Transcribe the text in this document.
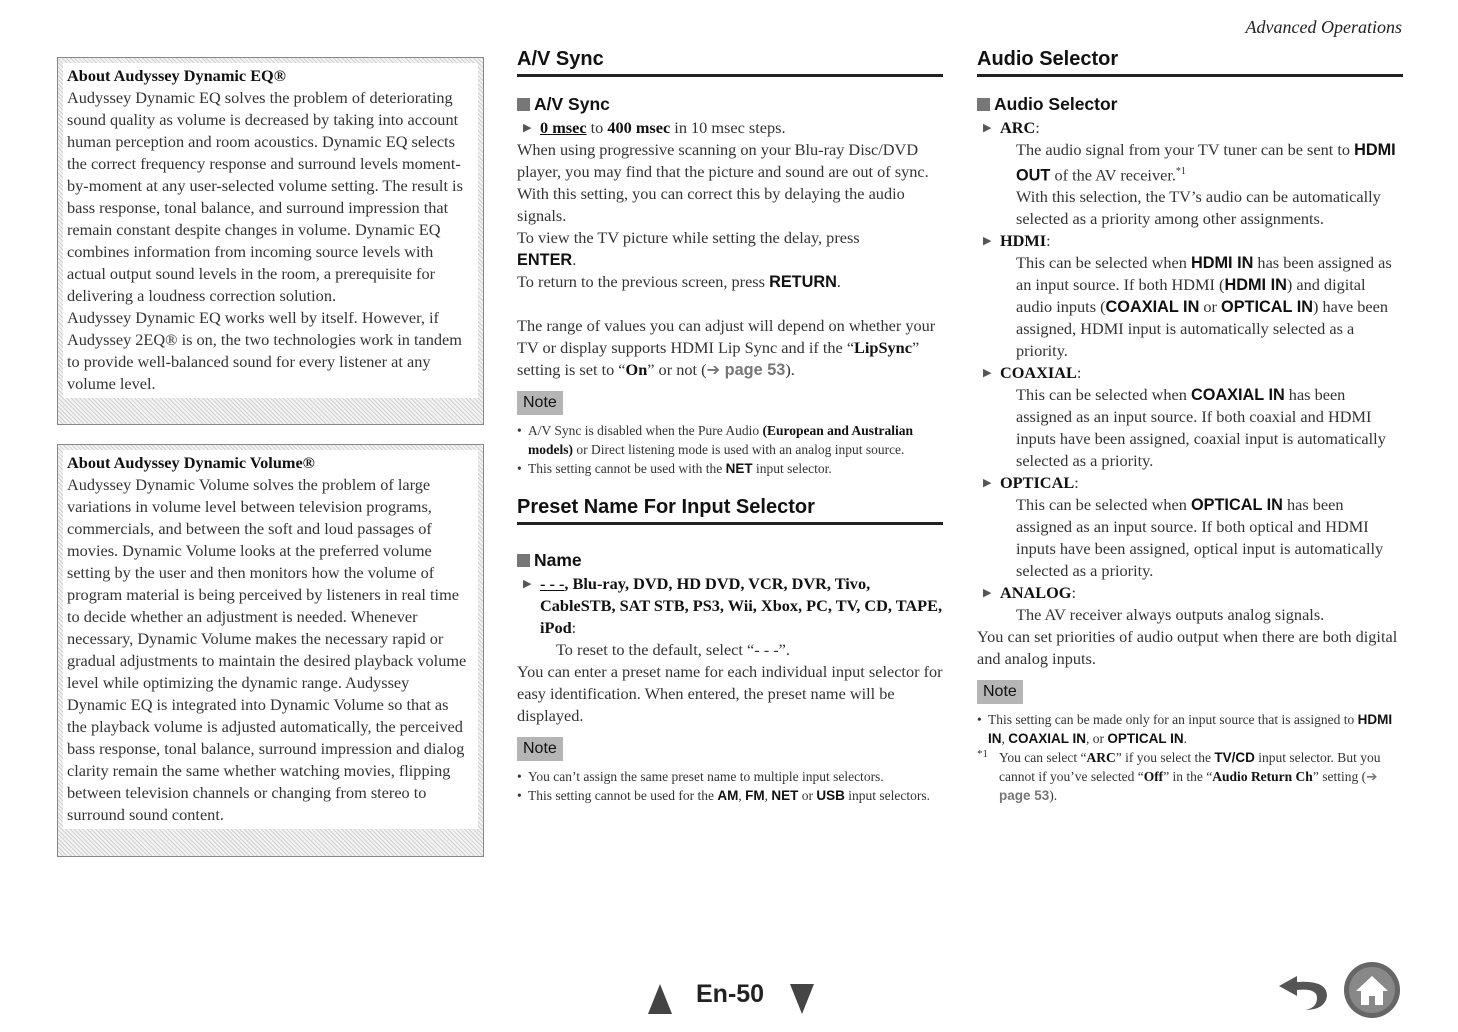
Advanced Operations
About Audyssey Dynamic EQ®
Audyssey Dynamic EQ solves the problem of deteriorating sound quality as volume is decreased by taking into account human perception and room acoustics. Dynamic EQ selects the correct frequency response and surround levels moment-by-moment at any user-selected volume setting. The result is bass response, tonal balance, and surround impression that remain constant despite changes in volume. Dynamic EQ combines information from incoming source levels with actual output sound levels in the room, a prerequisite for delivering a loudness correction solution.
Audyssey Dynamic EQ works well by itself. However, if Audyssey 2EQ® is on, the two technologies work in tandem to provide well-balanced sound for every listener at any volume level.
About Audyssey Dynamic Volume®
Audyssey Dynamic Volume solves the problem of large variations in volume level between television programs, commercials, and between the soft and loud passages of movies. Dynamic Volume looks at the preferred volume setting by the user and then monitors how the volume of program material is being perceived by listeners in real time to decide whether an adjustment is needed. Whenever necessary, Dynamic Volume makes the necessary rapid or gradual adjustments to maintain the desired playback volume level while optimizing the dynamic range. Audyssey Dynamic EQ is integrated into Dynamic Volume so that as the playback volume is adjusted automatically, the perceived bass response, tonal balance, surround impression and dialog clarity remain the same whether watching movies, flipping between television channels or changing from stereo to surround sound content.
A/V Sync
A/V Sync
▶ 0 msec to 400 msec in 10 msec steps.
When using progressive scanning on your Blu-ray Disc/DVD player, you may find that the picture and sound are out of sync. With this setting, you can correct this by delaying the audio signals.
To view the TV picture while setting the delay, press
ENTER.
To return to the previous screen, press RETURN.
The range of values you can adjust will depend on whether your TV or display supports HDMI Lip Sync and if the “LipSync” setting is set to “On” or not (➔ page 53).
Note
• A/V Sync is disabled when the Pure Audio (European and Australian models) or Direct listening mode is used with an analog input source.
• This setting cannot be used with the NET input selector.
Preset Name For Input Selector
Name
▶ - - -, Blu-ray, DVD, HD DVD, VCR, DVR, Tivo, CableSTB, SAT STB, PS3, Wii, Xbox, PC, TV, CD, TAPE, iPod:
To reset to the default, select “- - -”.
You can enter a preset name for each individual input selector for easy identification. When entered, the preset name will be displayed.
Note
• You can’t assign the same preset name to multiple input selectors.
• This setting cannot be used for the AM, FM, NET or USB input selectors.
Audio Selector
Audio Selector
▶ ARC:
The audio signal from your TV tuner can be sent to HDMI OUT of the AV receiver.$^{*1}$
With this selection, the TV’s audio can be automatically selected as a priority among other assignments.
▶ HDMI:
This can be selected when HDMI IN has been assigned as an input source. If both HDMI (HDMI IN) and digital audio inputs (COAXIAL IN or OPTICAL IN) have been assigned, HDMI input is automatically selected as a priority.
▶ COAXIAL:
This can be selected when COAXIAL IN has been assigned as an input source. If both coaxial and HDMI inputs have been assigned, coaxial input is automatically selected as a priority.
▶ OPTICAL:
This can be selected when OPTICAL IN has been assigned as an input source. If both optical and HDMI inputs have been assigned, optical input is automatically selected as a priority.
▶ ANALOG:
The AV receiver always outputs analog signals.
You can set priorities of audio output when there are both digital and analog inputs.
Note
• This setting can be made only for an input source that is assigned to HDMI IN, COAXIAL IN, or OPTICAL IN.
*1 You can select “ARC” if you select the TV/CD input selector. But you cannot if you’ve selected “Off” in the “Audio Return Ch” setting (➔ page 53).
En-50
